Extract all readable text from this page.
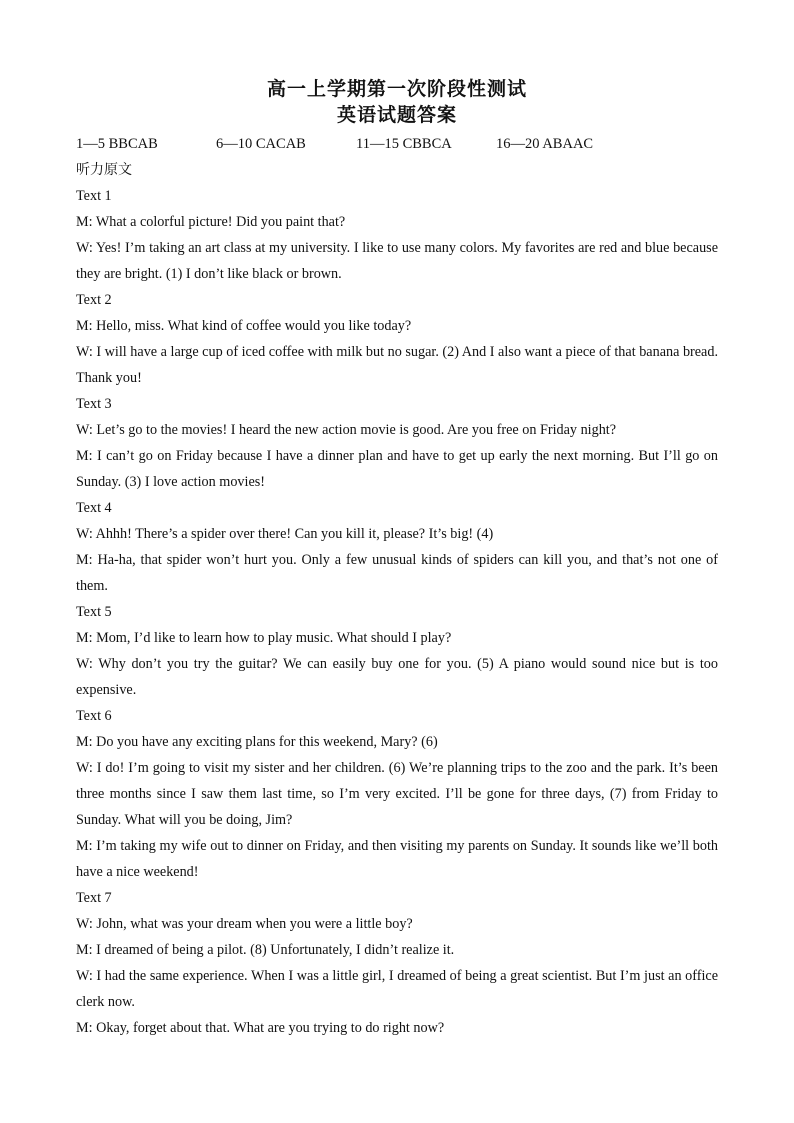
高一上学期第一次阶段性测试
英语试题答案
1—5 BBCAB	6—10 CACAB	11—15 CBBCA	16—20 ABAAC

听力原文

Text 1

M: What a colorful picture! Did you paint that?

W: Yes! I’m taking an art class at my university. I like to use many colors. My favorites are red and blue because they are bright. (1) I don’t like black or brown.

Text 2

M: Hello, miss. What kind of coffee would you like today?

W: I will have a large cup of iced coffee with milk but no sugar. (2) And I also want a piece of that banana bread. Thank you!

Text 3

W: Let’s go to the movies! I heard the new action movie is good. Are you free on Friday night?

M: I can’t go on Friday because I have a dinner plan and have to get up early the next morning. But I’ll go on Sunday. (3) I love action movies!

Text 4

W: Ahhh! There’s a spider over there! Can you kill it, please? It’s big! (4)

M: Ha-ha, that spider won’t hurt you. Only a few unusual kinds of spiders can kill you, and that’s not one of them.

Text 5

M: Mom, I’d like to learn how to play music. What should I play?

W: Why don’t you try the guitar? We can easily buy one for you. (5) A piano would sound nice but is too expensive.

Text 6

M: Do you have any exciting plans for this weekend, Mary? (6)

W: I do! I’m going to visit my sister and her children. (6) We’re planning trips to the zoo and the park. It’s been three months since I saw them last time, so I’m very excited. I’ll be gone for three days, (7) from Friday to Sunday. What will you be doing, Jim?

M: I’m taking my wife out to dinner on Friday, and then visiting my parents on Sunday. It sounds like we’ll both have a nice weekend!

Text 7

W: John, what was your dream when you were a little boy?

M: I dreamed of being a pilot. (8) Unfortunately, I didn’t realize it.

W: I had the same experience. When I was a little girl, I dreamed of being a great scientist. But I’m just an office clerk now.

M: Okay, forget about that. What are you trying to do right now?
